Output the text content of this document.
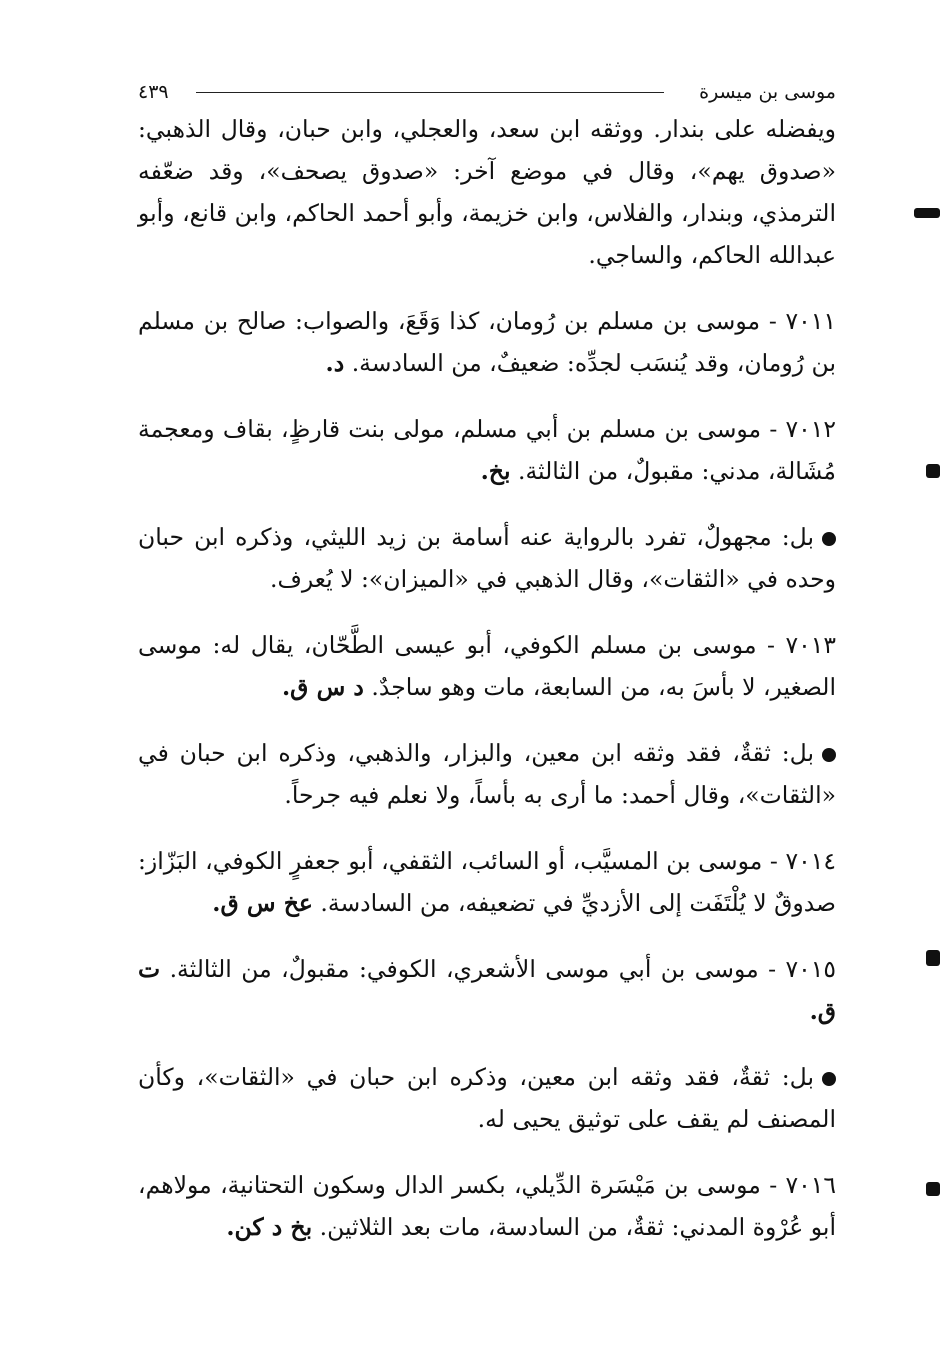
موسى بن ميسرة
٤٣٩

ويفضله على بندار. ووثقه ابن سعد، والعجلي، وابن حبان، وقال الذهبي: «صدوق يهم»، وقال في موضع آخر: «صدوق يصحف»، وقد ضعّفه الترمذي، وبندار، والفلاس، وابن خزيمة، وأبو أحمد الحاكم، وابن قانع، وأبو عبدالله الحاكم، والساجي.

٧٠١١ - موسى بن مسلم بن رُومان، كذا وَقَعَ، والصواب: صالح بن مسلم بن رُومان، وقد يُنسَب لجدِّه: ضعيفٌ، من السادسة. د.

٧٠١٢ - موسى بن مسلم بن أبي مسلم، مولى بنت قارظٍ، بقاف ومعجمة مُشَالة، مدني: مقبولٌ، من الثالثة. بخ.

بل: مجهولٌ، تفرد بالرواية عنه أسامة بن زيد الليثي، وذكره ابن حبان وحده في «الثقات»، وقال الذهبي في «الميزان»: لا يُعرف.

٧٠١٣ - موسى بن مسلم الكوفي، أبو عيسى الطَّحّان، يقال له: موسى الصغير، لا بأسَ به، من السابعة، مات وهو ساجدٌ. د س ق.

بل: ثقةٌ، فقد وثقه ابن معين، والبزار، والذهبي، وذكره ابن حبان في «الثقات»، وقال أحمد: ما أرى به بأساً، ولا نعلم فيه جرحاً.

٧٠١٤ - موسى بن المسيَّب، أو السائب، الثقفي، أبو جعفرٍ الكوفي، البَزّاز: صدوقٌ لا يُلْتَفَت إلى الأزديِّ في تضعيفه، من السادسة. عخ س ق.

٧٠١٥ - موسى بن أبي موسى الأشعري، الكوفي: مقبولٌ، من الثالثة. ت ق.

بل: ثقةٌ، فقد وثقه ابن معين، وذكره ابن حبان في «الثقات»، وكأن المصنف لم يقف على توثيق يحيى له.

٧٠١٦ - موسى بن مَيْسَرة الدِّيلي، بكسر الدال وسكون التحتانية، مولاهم، أبو عُرْوة المدني: ثقةٌ، من السادسة، مات بعد الثلاثين. بخ د كن.
